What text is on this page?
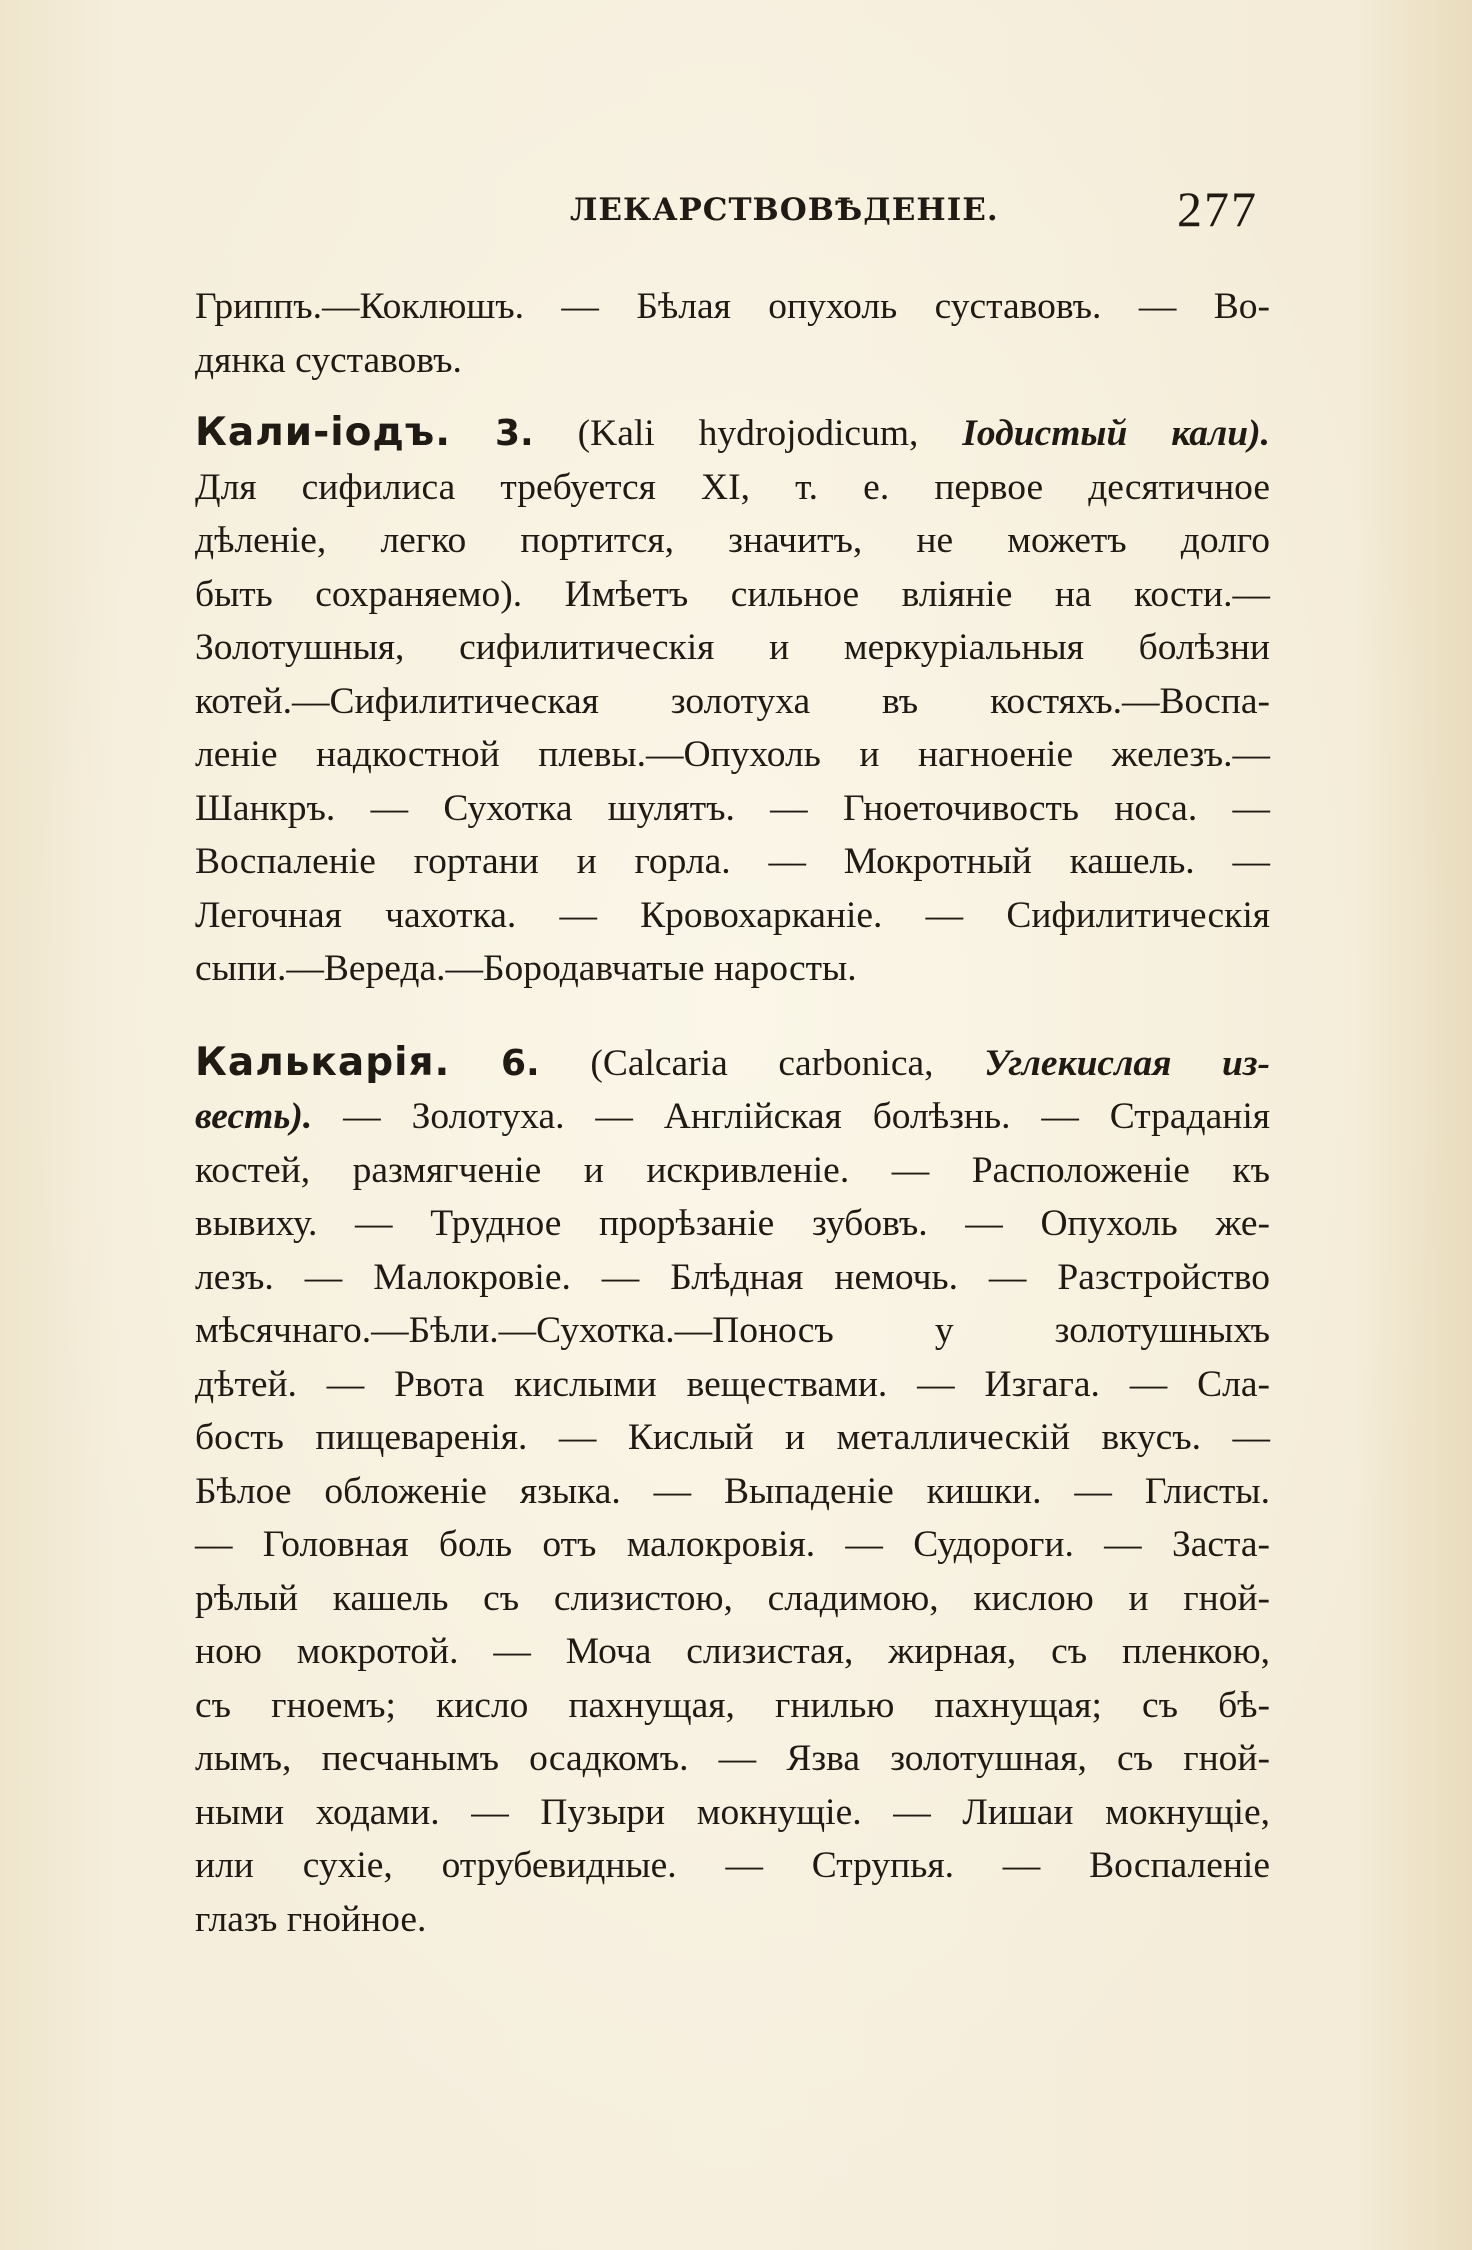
ЛЕКАРСТВОВѢДЕНІЕ.	277

Гриппъ.—Коклюшъ. — Бѣлая опухоль суставовъ. — Во-
дянка суставовъ.

Кали-іодъ. 3. (Kali hydrojodicum, Іодистый кали).
Для сифилиса требуется XI, т. е. первое десятичное
дѣленіе, легко портится, значитъ, не можетъ долго
быть сохраняемо). Имѣетъ сильное вліяніе на кости.—
Золотушныя, сифилитическія и меркуріальныя болѣзни
котей.—Сифилитическая золотуха въ костяхъ.—Воспа-
леніе надкостной плевы.—Опухоль и нагноеніе железъ.—
Шанкръ. — Сухотка шулятъ. — Гноеточивость носа. —
Воспаленіе гортани и горла. — Мокротный кашель. —
Легочная чахотка. — Кровохарканіе. — Сифилитическія
сыпи.—Вереда.—Бородавчатые наросты.

Калькарія. 6. (Calcaria carbonica, Углекислая из-
весть). — Золотуха. — Англійская болѣзнь. — Страданія
костей, размягченіе и искривленіе. — Расположеніе къ
вывиху. — Трудное прорѣзаніе зубовъ. — Опухоль же-
лезъ. — Малокровіе. — Блѣдная немочь. — Разстройство
мѣсячнаго.—Бѣли.—Сухотка.—Поносъ у золотушныхъ
дѣтей. — Рвота кислыми веществами. — Изгага. — Сла-
бость пищеваренія. — Кислый и металлическій вкусъ. —
Бѣлое обложеніе языка. — Выпаденіе кишки. — Глисты.
— Головная боль отъ малокровія. — Судороги. — Заста-
рѣлый кашель съ слизистою, сладимою, кислою и гной-
ною мокротой. — Моча слизистая, жирная, съ пленкою,
съ гноемъ; кисло пахнущая, гнилью пахнущая; съ бѣ-
лымъ, песчанымъ осадкомъ. — Язва золотушная, съ гной-
ными ходами. — Пузыри мокнущіе. — Лишаи мокнущіе,
или сухіе, отрубевидные. — Струпья. — Воспаленіе
глазъ гнойное.
